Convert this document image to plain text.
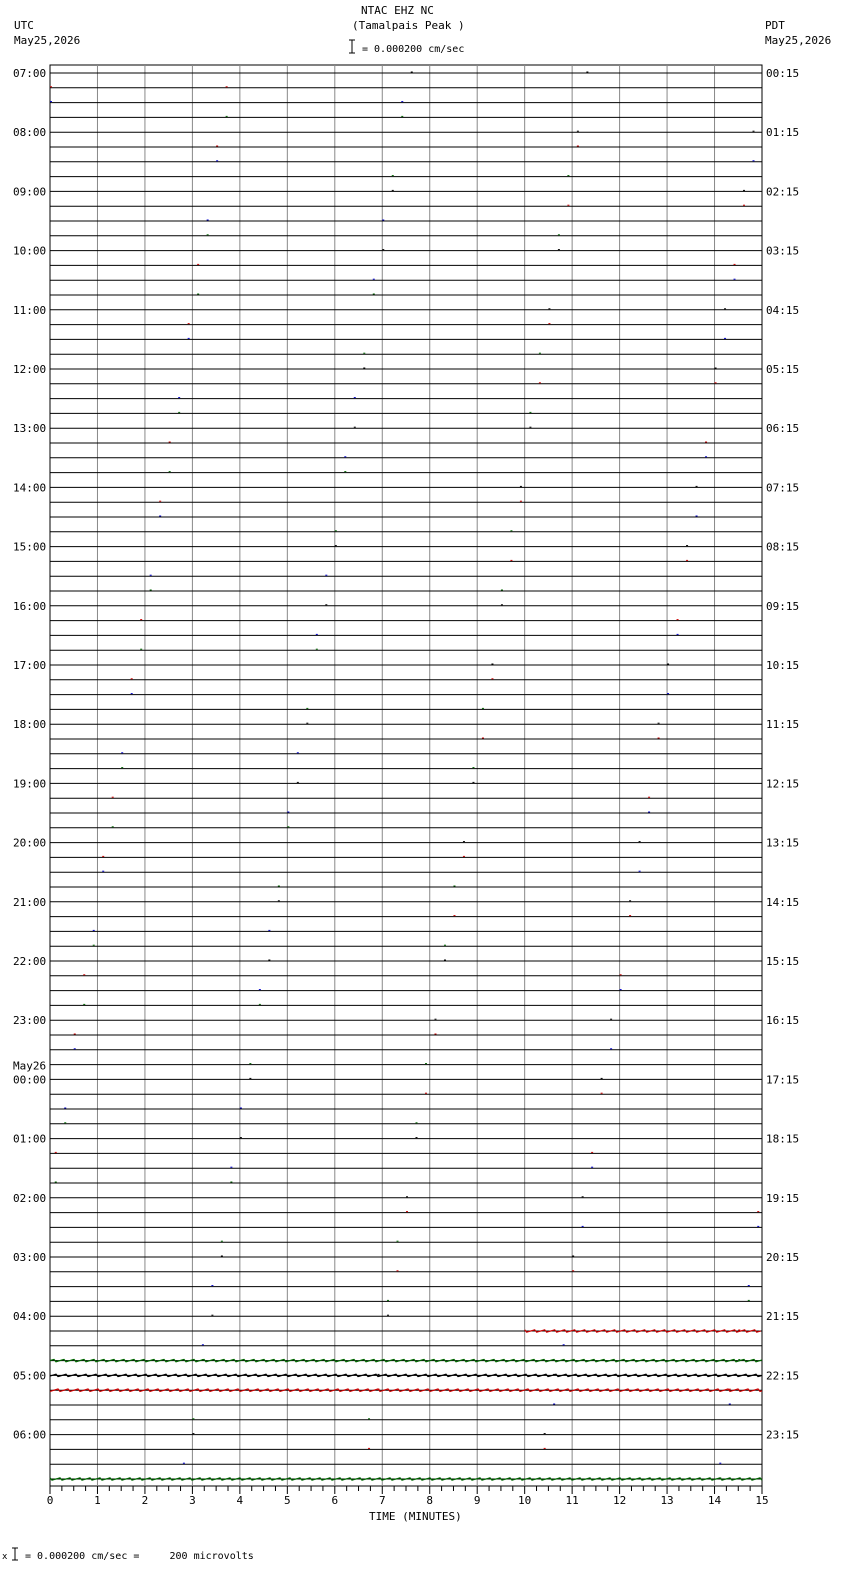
NTAC EHZ NC
(Tamalpais Peak )
= 0.000200 cm/sec
UTC
May25,2026
PDT
May25,2026
0	1	2	3	4	5	6	7	8	9	10	11	12	13	14	15
07:00
08:00
09:00
10:00
11:00
12:00
13:00
14:00
15:00
16:00
17:00
18:00
19:00
20:00
21:00
22:00
23:00
00:00
May26
01:00
02:00
03:00
04:00
05:00
06:00
00:15
01:15
02:15
03:15
04:15
05:15
06:15
07:15
08:15
09:15
10:15
11:15
12:15
13:15
14:15
15:15
16:15
17:15
18:15
19:15
20:15
21:15
22:15
23:15
TIME (MINUTES)
x = 0.000200 cm/sec =     200 microvolts
